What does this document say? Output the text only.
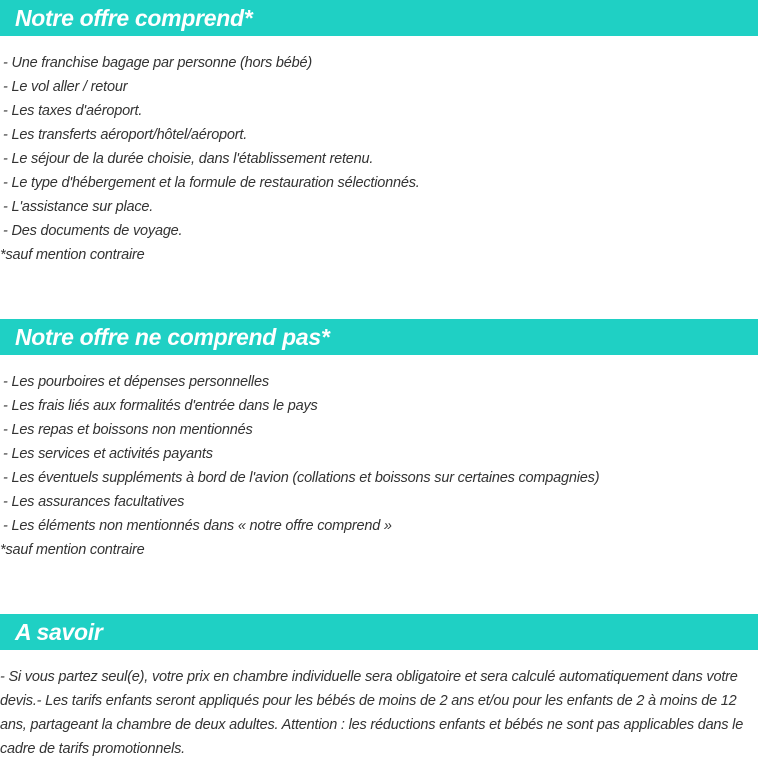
Notre offre comprend*
- Une franchise bagage par personne (hors bébé)
- Le vol aller / retour
- Les taxes d'aéroport.
- Les transferts aéroport/hôtel/aéroport.
- Le séjour de la durée choisie, dans l'établissement retenu.
- Le type d'hébergement et la formule de restauration sélectionnés.
- L'assistance sur place.
- Des documents de voyage.
*sauf mention contraire
Notre offre ne comprend pas*
- Les pourboires et dépenses personnelles
- Les frais liés aux formalités d'entrée dans le pays
- Les repas et boissons non mentionnés
- Les services et activités payants
- Les éventuels suppléments à bord de l'avion (collations et boissons sur certaines compagnies)
- Les assurances facultatives
- Les éléments non mentionnés dans « notre offre comprend »
*sauf mention contraire
A savoir
- Si vous partez seul(e), votre prix en chambre individuelle sera obligatoire et sera calculé automatiquement dans votre devis.- Les tarifs enfants seront appliqués pour les bébés de moins de 2 ans et/ou pour les enfants de 2 à moins de 12 ans, partageant la chambre de deux adultes. Attention : les réductions enfants et bébés ne sont pas applicables dans le cadre de tarifs promotionnels.
